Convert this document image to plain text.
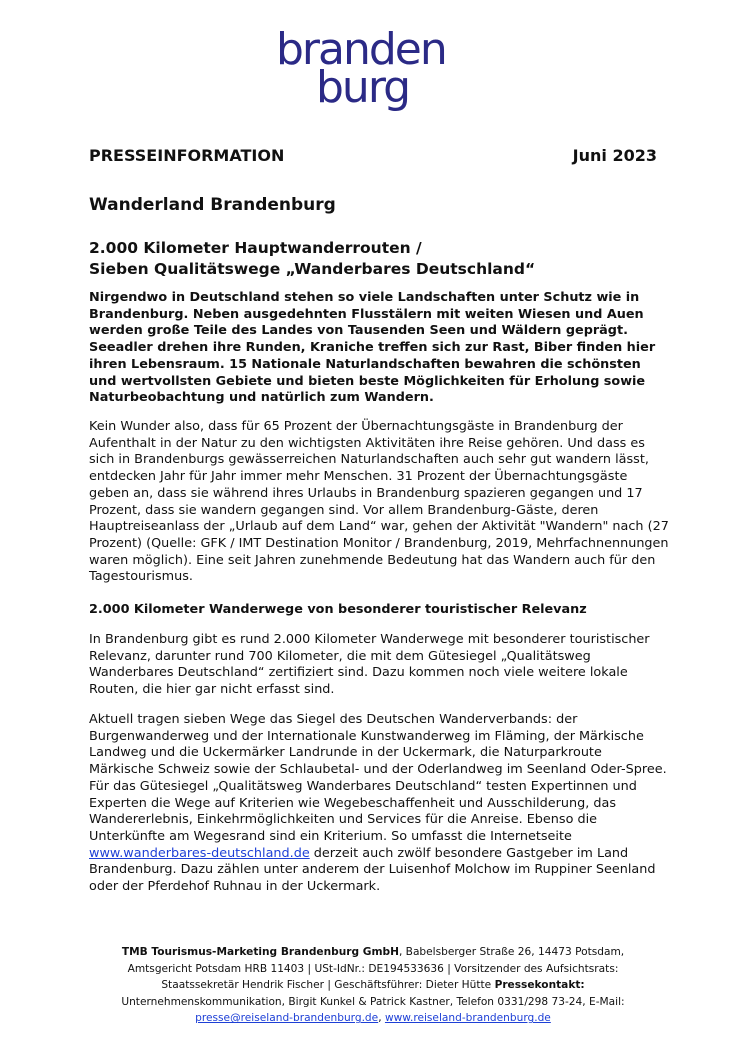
branden
burg
PRESSEINFORMATION	Juni 2023
Wanderland Brandenburg
2.000 Kilometer Hauptwanderrouten /
Sieben Qualitätswege „Wanderbares Deutschland“

Nirgendwo in Deutschland stehen so viele Landschaften unter Schutz wie in Brandenburg. Neben ausgedehnten Flusstälern mit weiten Wiesen und Auen werden große Teile des Landes von Tausenden Seen und Wäldern geprägt. Seeadler drehen ihre Runden, Kraniche treffen sich zur Rast, Biber finden hier ihren Lebensraum. 15 Nationale Naturlandschaften bewahren die schönsten und wertvollsten Gebiete und bieten beste Möglichkeiten für Erholung sowie Naturbeobachtung und natürlich zum Wandern.

Kein Wunder also, dass für 65 Prozent der Übernachtungsgäste in Brandenburg der Aufenthalt in der Natur zu den wichtigsten Aktivitäten ihre Reise gehören. Und dass es sich in Brandenburgs gewässerreichen Naturlandschaften auch sehr gut wandern lässt, entdecken Jahr für Jahr immer mehr Menschen. 31 Prozent der Übernachtungsgäste geben an, dass sie während ihres Urlaubs in Brandenburg spazieren gegangen und 17 Prozent, dass sie wandern gegangen sind. Vor allem Brandenburg-Gäste, deren Hauptreiseanlass der „Urlaub auf dem Land“ war, gehen der Aktivität "Wandern" nach (27 Prozent) (Quelle: GFK / IMT Destination Monitor / Brandenburg, 2019, Mehrfachnennungen waren möglich). Eine seit Jahren zunehmende Bedeutung hat das Wandern auch für den Tagestourismus.

2.000 Kilometer Wanderwege von besonderer touristischer Relevanz

In Brandenburg gibt es rund 2.000 Kilometer Wanderwege mit besonderer touristischer Relevanz, darunter rund 700 Kilometer, die mit dem Gütesiegel „Qualitätsweg Wanderbares Deutschland“ zertifiziert sind. Dazu kommen noch viele weitere lokale Routen, die hier gar nicht erfasst sind.

Aktuell tragen sieben Wege das Siegel des Deutschen Wanderverbands: der Burgenwanderweg und der Internationale Kunstwanderweg im Fläming, der Märkische Landweg und die Uckermärker Landrunde in der Uckermark, die Naturparkroute Märkische Schweiz sowie der Schlaubetal- und der Oderlandweg im Seenland Oder-Spree. Für das Gütesiegel „Qualitätsweg Wanderbares Deutschland“ testen Expertinnen und Experten die Wege auf Kriterien wie Wegebeschaffenheit und Ausschilderung, das Wandererlebnis, Einkehrmöglichkeiten und Services für die Anreise. Ebenso die Unterkünfte am Wegesrand sind ein Kriterium. So umfasst die Internetseite www.wanderbares-deutschland.de derzeit auch zwölf besondere Gastgeber im Land Brandenburg. Dazu zählen unter anderem der Luisenhof Molchow im Ruppiner Seenland oder der Pferdehof Ruhnau in der Uckermark.

TMB Tourismus-Marketing Brandenburg GmbH, Babelsberger Straße 26, 14473 Potsdam,
Amtsgericht Potsdam HRB 11403 | USt-IdNr.: DE194533636 | Vorsitzender des Aufsichtsrats:
Staatssekretär Hendrik Fischer | Geschäftsführer: Dieter Hütte Pressekontakt:
Unternehmenskommunikation, Birgit Kunkel & Patrick Kastner, Telefon 0331/298 73-24, E-Mail:
presse@reiseland-brandenburg.de, www.reiseland-brandenburg.de
